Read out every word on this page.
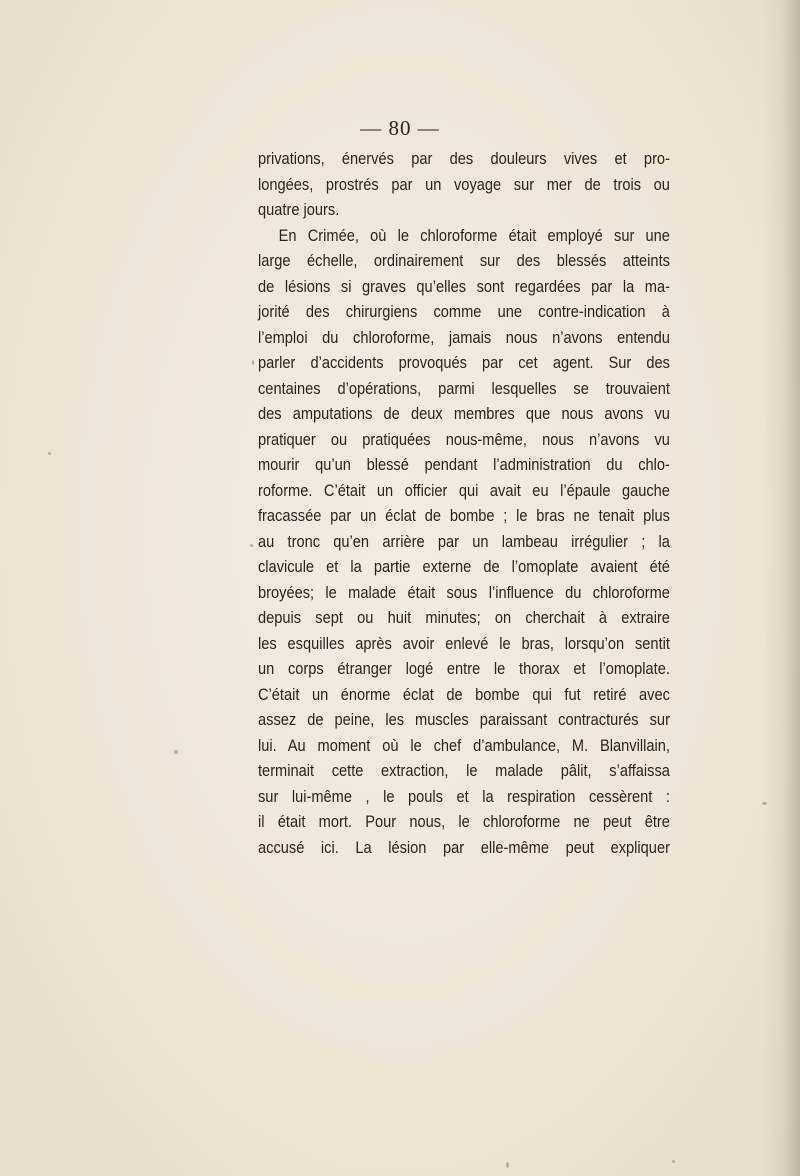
— 80 —
privations, énervés par des douleurs vives et pro-
longées, prostrés par un voyage sur mer de trois ou
quatre jours.
En Crimée, où le chloroforme était employé sur une
large échelle, ordinairement sur des blessés atteints
de lésions si graves qu’elles sont regardées par la ma-
jorité des chirurgiens comme une contre-indication à
l’emploi du chloroforme, jamais nous n’avons entendu
parler d’accidents provoqués par cet agent. Sur des
centaines d’opérations, parmi lesquelles se trouvaient
des amputations de deux membres que nous avons vu
pratiquer ou pratiquées nous-même, nous n’avons vu
mourir qu’un blessé pendant l’administration du chlo-
roforme. C’était un officier qui avait eu l’épaule gauche
fracassée par un éclat de bombe ; le bras ne tenait plus
au tronc qu’en arrière par un lambeau irrégulier ; la
clavicule et la partie externe de l’omoplate avaient été
broyées; le malade était sous l’influence du chloroforme
depuis sept ou huit minutes; on cherchait à extraire
les esquilles après avoir enlevé le bras, lorsqu’on sentit
un corps étranger logé entre le thorax et l’omoplate.
C’était un énorme éclat de bombe qui fut retiré avec
assez de peine, les muscles paraissant contracturés sur
lui. Au moment où le chef d’ambulance, M. Blanvillain,
terminait cette extraction, le malade pâlit, s’affaissa
sur lui-même , le pouls et la respiration cessèrent :
il était mort. Pour nous, le chloroforme ne peut être
accusé ici. La lésion par elle-même peut expliquer
